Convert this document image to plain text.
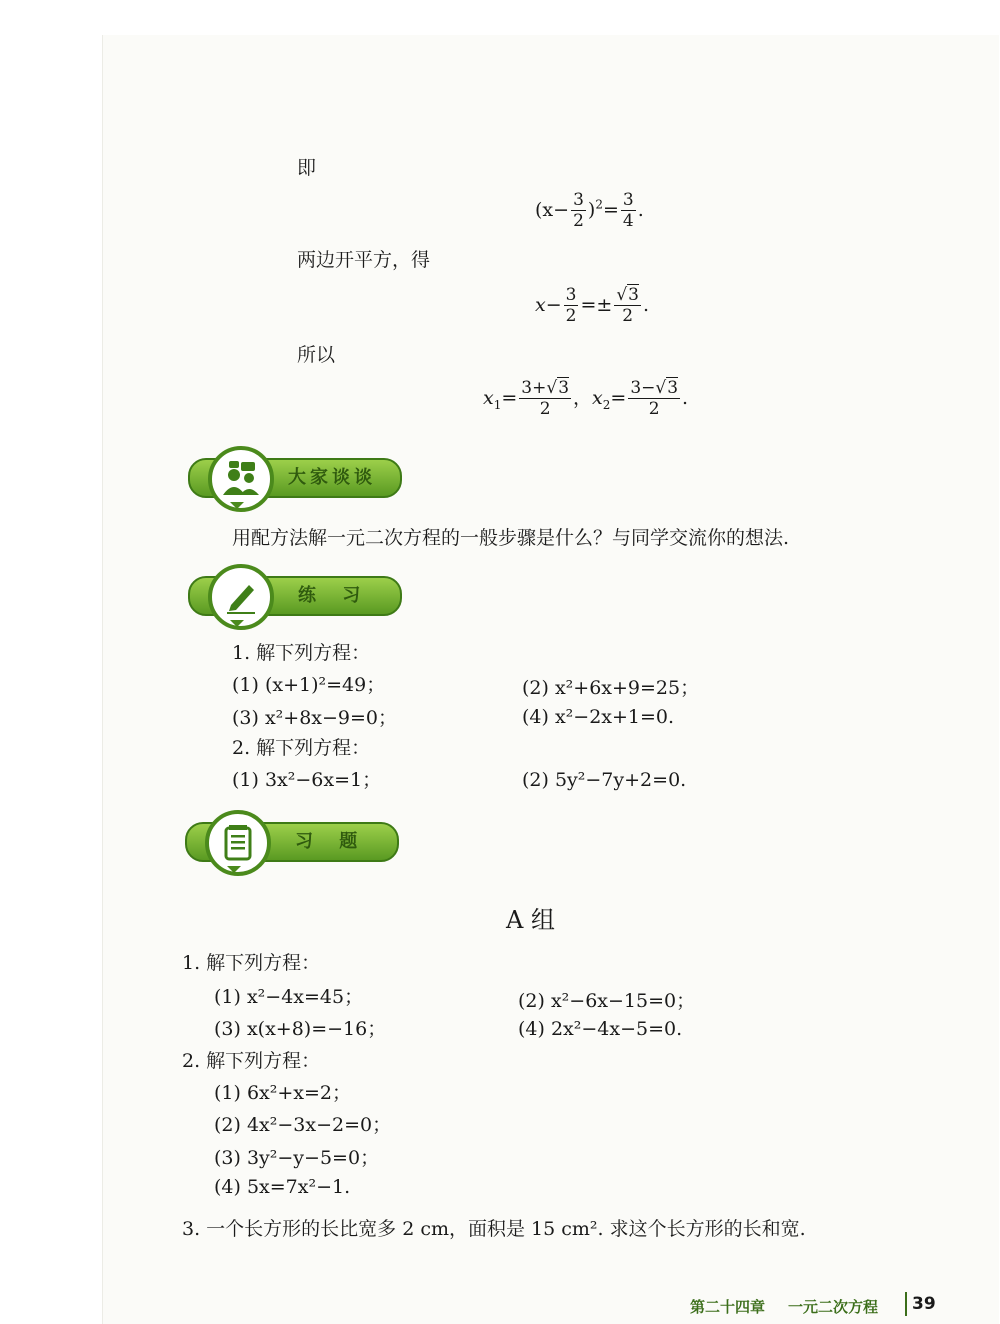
即
$(x- \frac{3}{2} )^2= \frac{3}{4}$ .
两边开平方，得
$x- \frac{3}{2} =\pm \frac{√3}{2}$ .
所以
$x_1= \frac{3+√3}{2}$ ，$x_2= \frac{3-√3}{2}$ .
大家谈谈
用配方法解一元二次方程的一般步骤是什么？与同学交流你的想法.
练 习
1. 解下列方程：
(1) (x+1)²=49；	(2) x²+6x+9=25；
(3) x²+8x−9=0；	(4) x²−2x+1=0.
2. 解下列方程：
(1) 3x²−6x=1；	(2) 5y²−7y+2=0.
习 题
A 组
1. 解下列方程：
(1) x²−4x=45；	(2) x²−6x−15=0；
(3) x(x+8)=−16；	(4) 2x²−4x−5=0.
2. 解下列方程：
(1) 6x²+x=2；
(2) 4x²−3x−2=0；
(3) 3y²−y−5=0；
(4) 5x=7x²−1.
3. 一个长方形的长比宽多 2 cm，面积是 15 cm². 求这个长方形的长和宽.
第二十四章 一元二次方程 39
